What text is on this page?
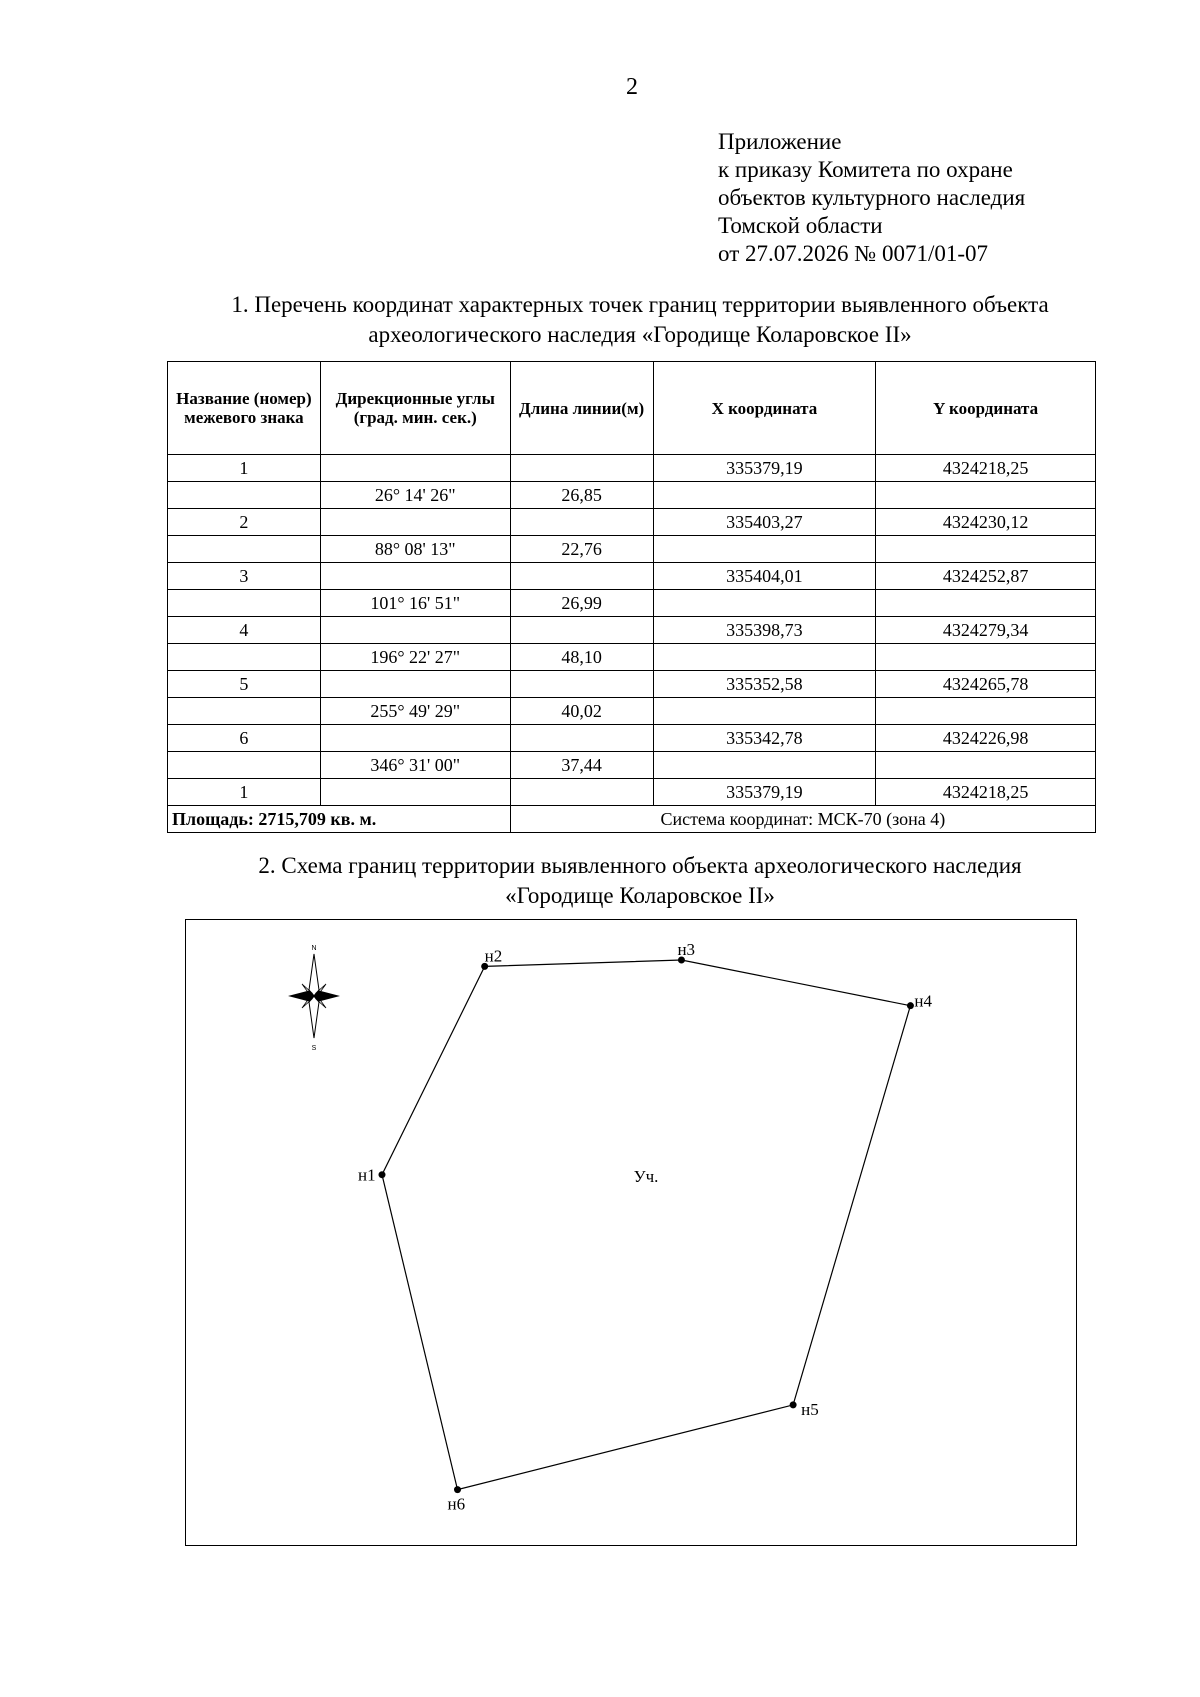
2
Приложение
к приказу Комитета по охране
объектов культурного наследия
Томской области
от 27.07.2026 № 0071/01-07
1. Перечень координат характерных точек границ территории выявленного объекта
археологического наследия «Городище Коларовское II»
Название (номер) межевого знака	Дирекционные углы (град. мин. сек.)	Длина линии(м)	X координата	Y координата
1			335379,19	4324218,25
	26° 14' 26"	26,85		
2			335403,27	4324230,12
	88° 08' 13"	22,76		
3			335404,01	4324252,87
	101° 16' 51"	26,99		
4			335398,73	4324279,34
	196° 22' 27"	48,10		
5			335352,58	4324265,78
	255° 49' 29"	40,02		
6			335342,78	4324226,98
	346° 31' 00"	37,44		
1			335379,19	4324218,25
Площадь: 2715,709 кв. м.		Система координат: МСК-70 (зона 4)		
2. Схема границ территории выявленного объекта археологического наследия
«Городище Коларовское II»
N
S
н1
н2	н3
н4
н5
н6
Уч.
